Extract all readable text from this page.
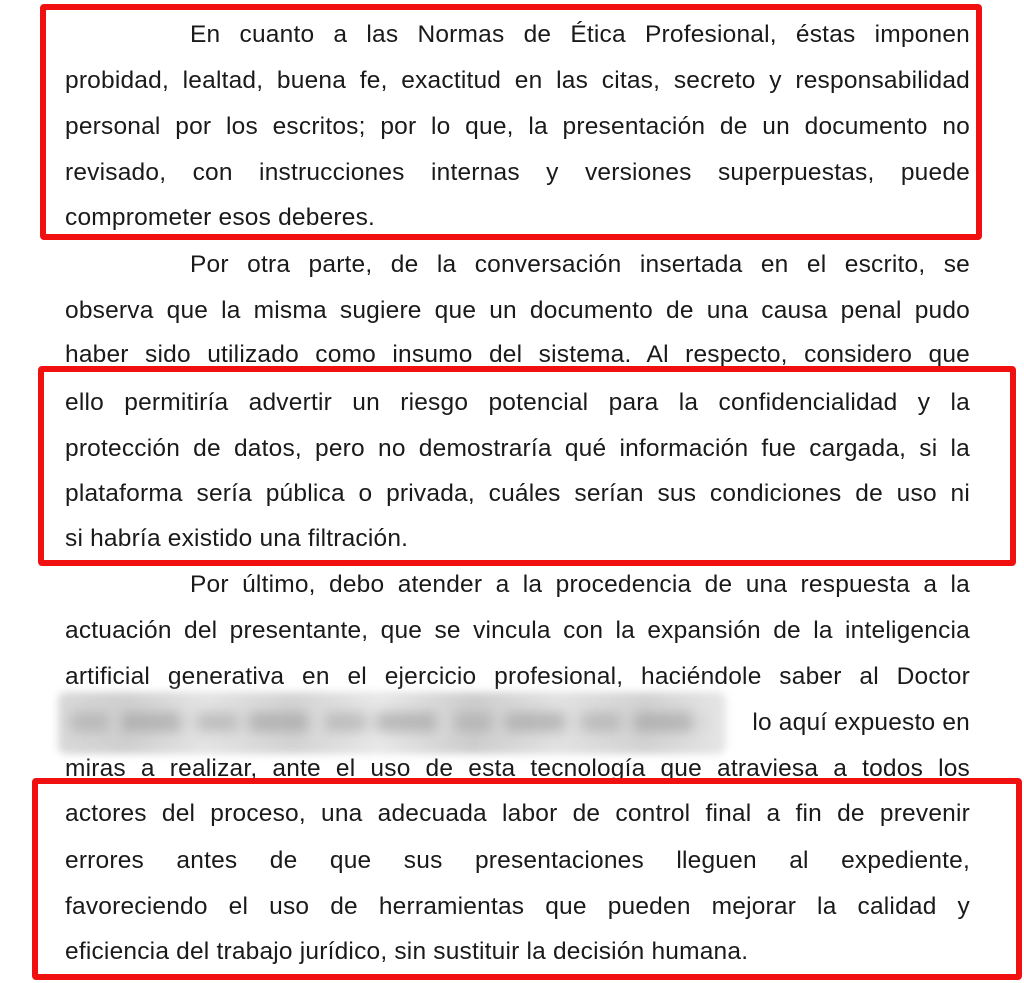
En cuanto a las Normas de Ética Profesional, éstas imponen
probidad, lealtad, buena fe, exactitud en las citas, secreto y responsabilidad
personal por los escritos; por lo que, la presentación de un documento no
revisado, con instrucciones internas y versiones superpuestas, puede
comprometer esos deberes.
Por otra parte, de la conversación insertada en el escrito, se
observa que la misma sugiere que un documento de una causa penal pudo
haber sido utilizado como insumo del sistema. Al respecto, considero que
ello permitiría advertir un riesgo potencial para la confidencialidad y la
protección de datos, pero no demostraría qué información fue cargada, si la
plataforma sería pública o privada, cuáles serían sus condiciones de uso ni
si habría existido una filtración.
Por último, debo atender a la procedencia de una respuesta a la
actuación del presentante, que se vincula con la expansión de la inteligencia
artificial generativa en el ejercicio profesional, haciéndole saber al Doctor
lo aquí expuesto en
miras a realizar, ante el uso de esta tecnología que atraviesa a todos los
actores del proceso, una adecuada labor de control final a fin de prevenir
errores antes de que sus presentaciones lleguen al expediente,
favoreciendo el uso de herramientas que pueden mejorar la calidad y
eficiencia del trabajo jurídico, sin sustituir la decisión humana.
